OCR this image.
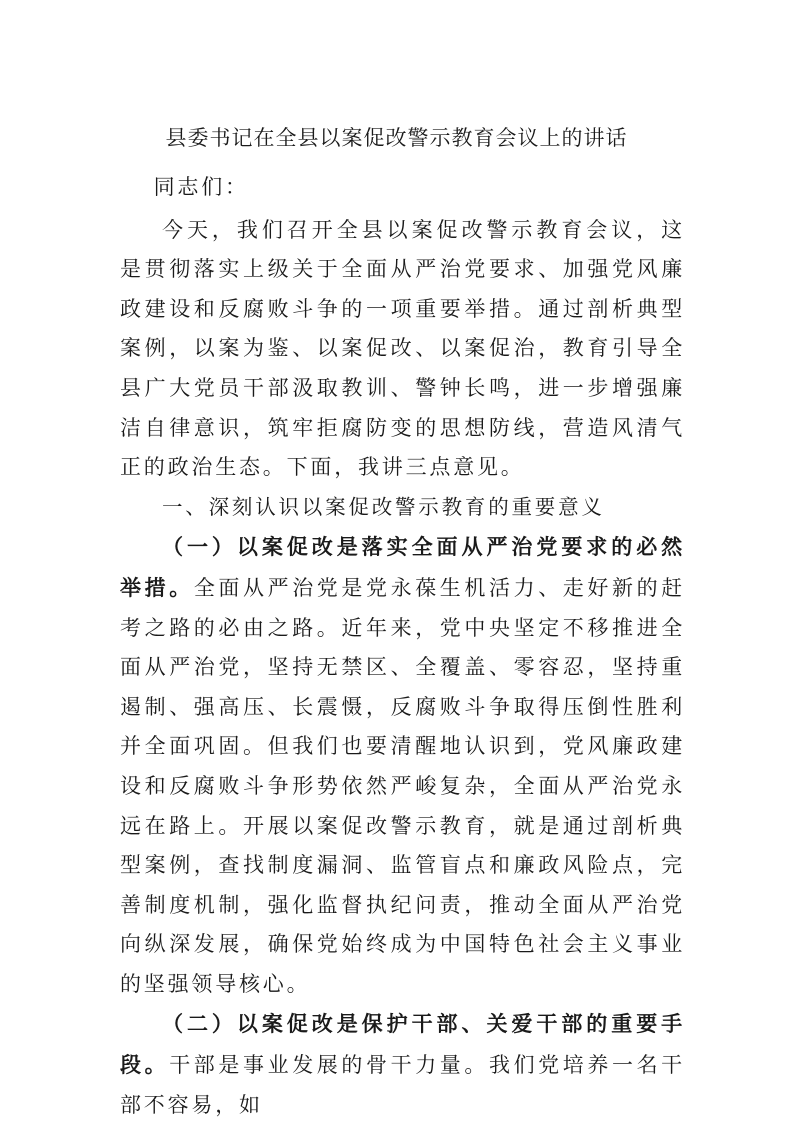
县委书记在全县以案促改警示教育会议上的讲话

同志们：

今天，我们召开全县以案促改警示教育会议，这是贯彻落实上级关于全面从严治党要求、加强党风廉政建设和反腐败斗争的一项重要举措。通过剖析典型案例，以案为鉴、以案促改、以案促治，教育引导全县广大党员干部汲取教训、警钟长鸣，进一步增强廉洁自律意识，筑牢拒腐防变的思想防线，营造风清气正的政治生态。下面，我讲三点意见。

一、深刻认识以案促改警示教育的重要意义

（一）以案促改是落实全面从严治党要求的必然举措。全面从严治党是党永葆生机活力、走好新的赶考之路的必由之路。近年来，党中央坚定不移推进全面从严治党，坚持无禁区、全覆盖、零容忍，坚持重遏制、强高压、长震慑，反腐败斗争取得压倒性胜利并全面巩固。但我们也要清醒地认识到，党风廉政建设和反腐败斗争形势依然严峻复杂，全面从严治党永远在路上。开展以案促改警示教育，就是通过剖析典型案例，查找制度漏洞、监管盲点和廉政风险点，完善制度机制，强化监督执纪问责，推动全面从严治党向纵深发展，确保党始终成为中国特色社会主义事业的坚强领导核心。

（二）以案促改是保护干部、关爱干部的重要手段。干部是事业发展的骨干力量。我们党培养一名干部不容易，如
